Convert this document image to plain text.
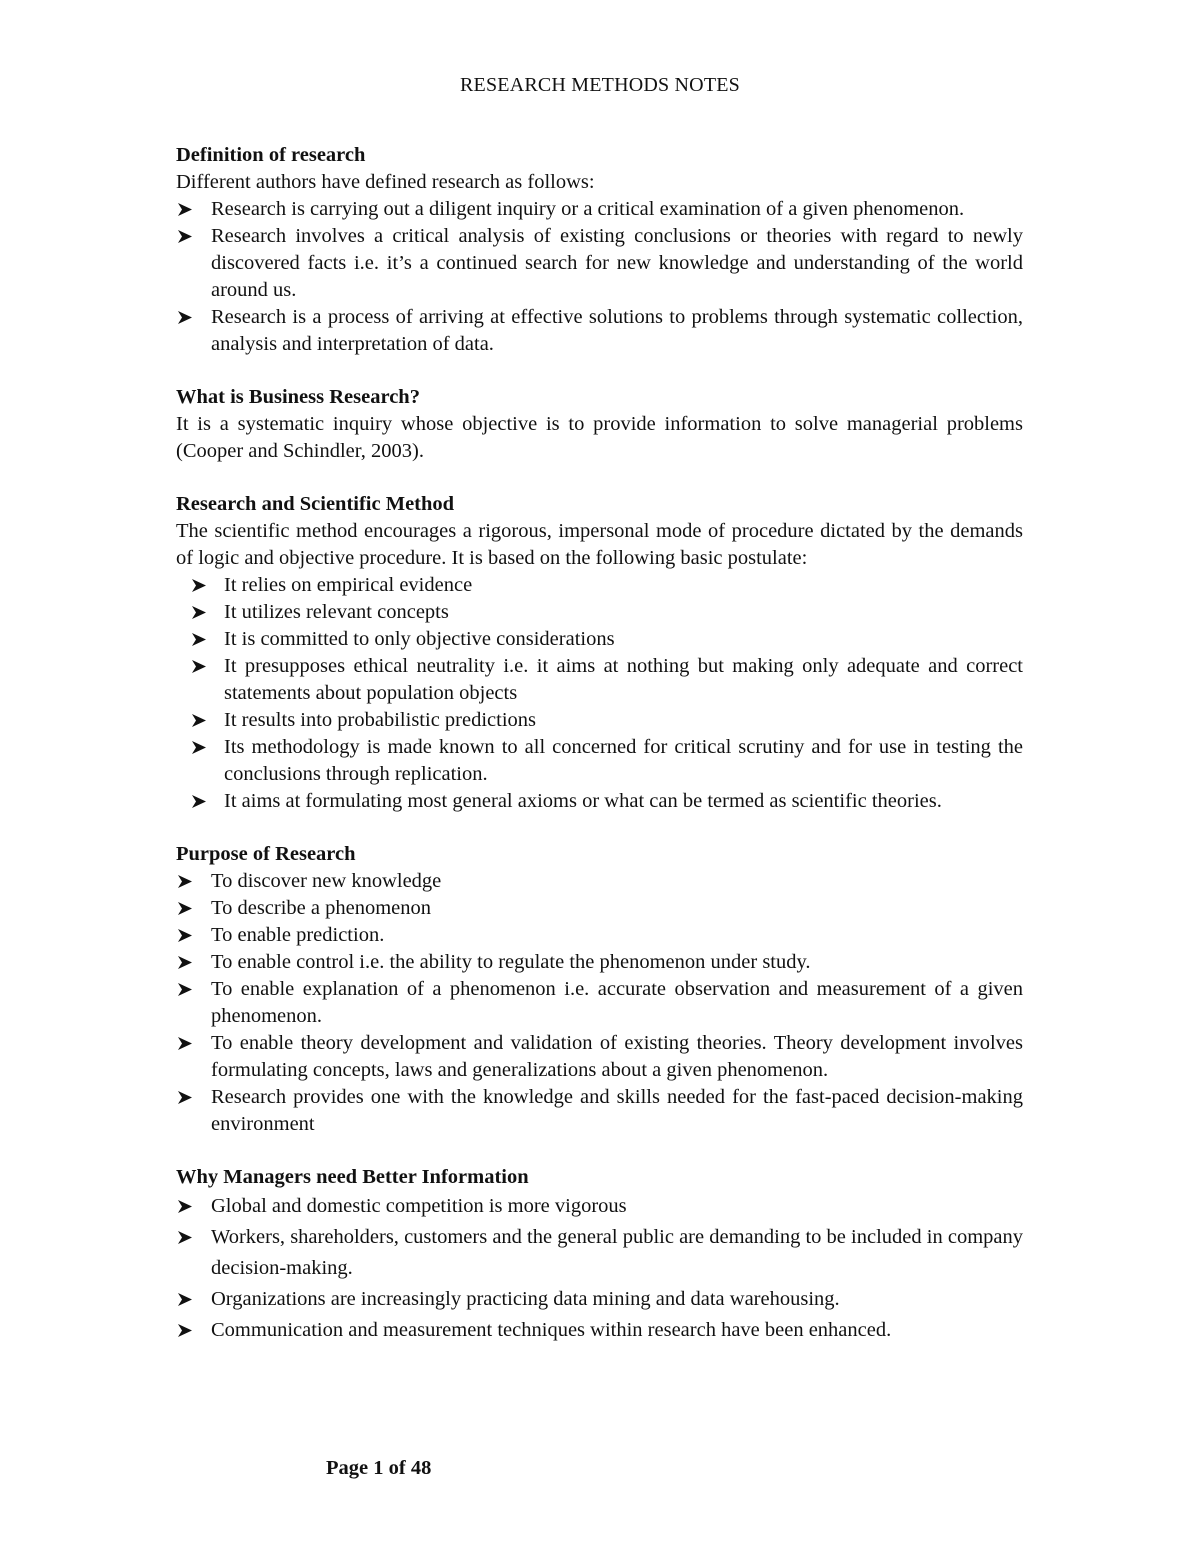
RESEARCH METHODS NOTES
Definition of research
Different authors have defined research as follows:
Research is carrying out a diligent inquiry or a critical examination of a given phenomenon.
Research involves a critical analysis of existing conclusions or theories with regard to newly discovered facts i.e. it’s a continued search for new knowledge and understanding of the world around us.
Research is a process of arriving at effective solutions to problems through systematic collection, analysis and interpretation of data.
What is Business Research?
It is a systematic inquiry whose objective is to provide information to solve managerial problems (Cooper and Schindler, 2003).
Research and Scientific Method
The scientific method encourages a rigorous, impersonal mode of procedure dictated by the demands of logic and objective procedure. It is based on the following basic postulate:
It relies on empirical evidence
It utilizes relevant concepts
It is committed to only objective considerations
It presupposes ethical neutrality i.e. it aims at nothing but making only adequate and correct statements about population objects
It results into probabilistic predictions
Its methodology is made known to all concerned for critical scrutiny and for use in testing the conclusions through replication.
It aims at formulating most general axioms or what can be termed as scientific theories.
Purpose of Research
To discover new knowledge
To describe a phenomenon
To enable prediction.
To enable control i.e. the ability to regulate the phenomenon under study.
To enable explanation of a phenomenon i.e. accurate observation and measurement of a given phenomenon.
To enable theory development and validation of existing theories. Theory development involves formulating concepts, laws and generalizations about a given phenomenon.
Research provides one with the knowledge and skills needed for the fast-paced decision-making environment
Why Managers need Better Information
Global and domestic competition is more vigorous
Workers, shareholders, customers and the general public are demanding to be included in company decision-making.
Organizations are increasingly practicing data mining and data warehousing.
Communication and measurement techniques within research have been enhanced.
Page 1 of 48
